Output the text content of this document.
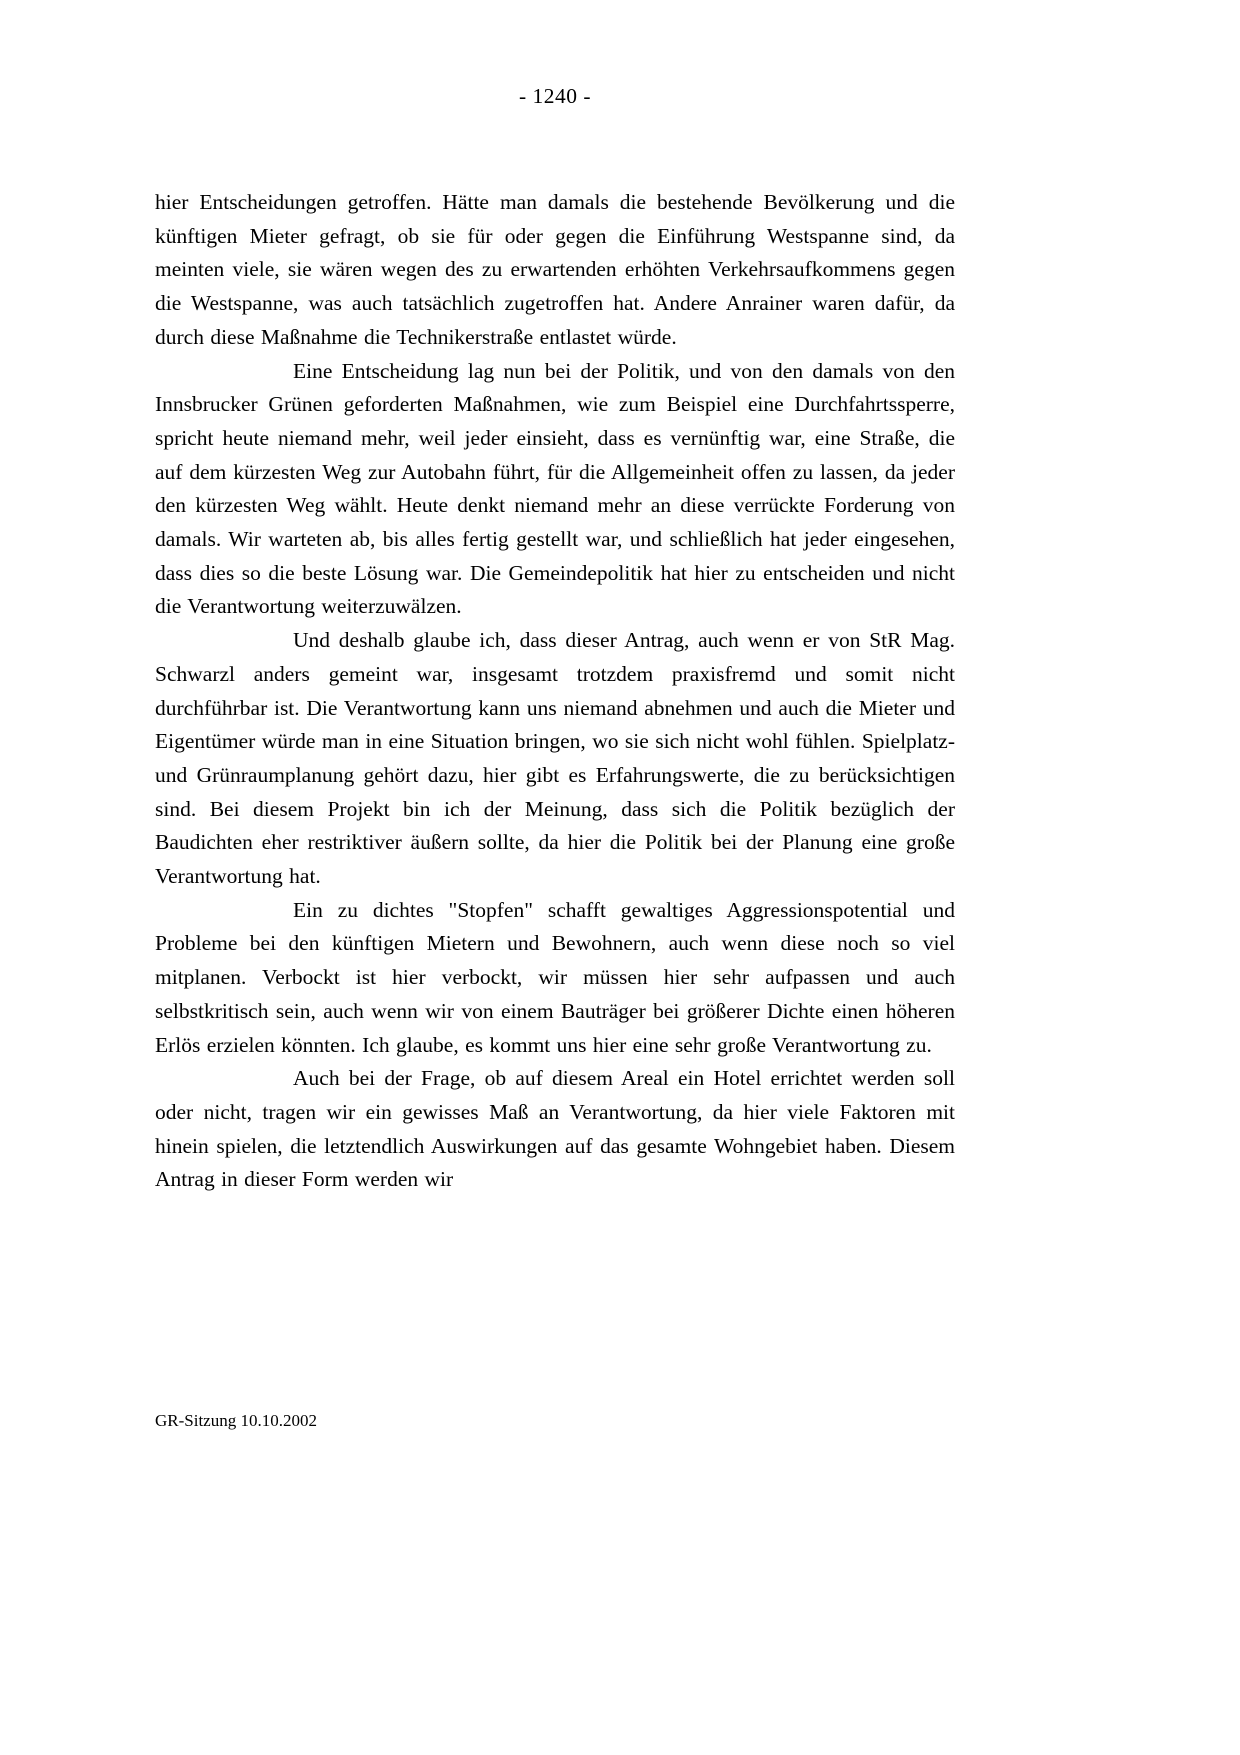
- 1240 -

hier Entscheidungen getroffen. Hätte man damals die bestehende Bevölkerung und die künftigen Mieter gefragt, ob sie für oder gegen die Einführung Westspanne sind, da meinten viele, sie wären wegen des zu erwartenden erhöhten Verkehrsaufkommens gegen die Westspanne, was auch tatsächlich zugetroffen hat. Andere Anrainer waren dafür, da durch diese Maßnahme die Technikerstraße entlastet würde.

Eine Entscheidung lag nun bei der Politik, und von den damals von den Innsbrucker Grünen geforderten Maßnahmen, wie zum Beispiel eine Durchfahrtssperre, spricht heute niemand mehr, weil jeder einsieht, dass es vernünftig war, eine Straße, die auf dem kürzesten Weg zur Autobahn führt, für die Allgemeinheit offen zu lassen, da jeder den kürzesten Weg wählt. Heute denkt niemand mehr an diese verrückte Forderung von damals. Wir warteten ab, bis alles fertig gestellt war, und schließlich hat jeder eingesehen, dass dies so die beste Lösung war. Die Gemeindepolitik hat hier zu entscheiden und nicht die Verantwortung weiterzuwälzen.

Und deshalb glaube ich, dass dieser Antrag, auch wenn er von StR Mag. Schwarzl anders gemeint war, insgesamt trotzdem praxisfremd und somit nicht durchführbar ist. Die Verantwortung kann uns niemand abnehmen und auch die Mieter und Eigentümer würde man in eine Situation bringen, wo sie sich nicht wohl fühlen. Spielplatz- und Grünraumplanung gehört dazu, hier gibt es Erfahrungswerte, die zu berücksichtigen sind. Bei diesem Projekt bin ich der Meinung, dass sich die Politik bezüglich der Baudichten eher restriktiver äußern sollte, da hier die Politik bei der Planung eine große Verantwortung hat.

Ein zu dichtes "Stopfen" schafft gewaltiges Aggressionspotential und Probleme bei den künftigen Mietern und Bewohnern, auch wenn diese noch so viel mitplanen. Verbockt ist hier verbockt, wir müssen hier sehr aufpassen und auch selbstkritisch sein, auch wenn wir von einem Bauträger bei größerer Dichte einen höheren Erlös erzielen könnten. Ich glaube, es kommt uns hier eine sehr große Verantwortung zu.

Auch bei der Frage, ob auf diesem Areal ein Hotel errichtet werden soll oder nicht, tragen wir ein gewisses Maß an Verantwortung, da hier viele Faktoren mit hinein spielen, die letztendlich Auswirkungen auf das gesamte Wohngebiet haben. Diesem Antrag in dieser Form werden wir

GR-Sitzung 10.10.2002
